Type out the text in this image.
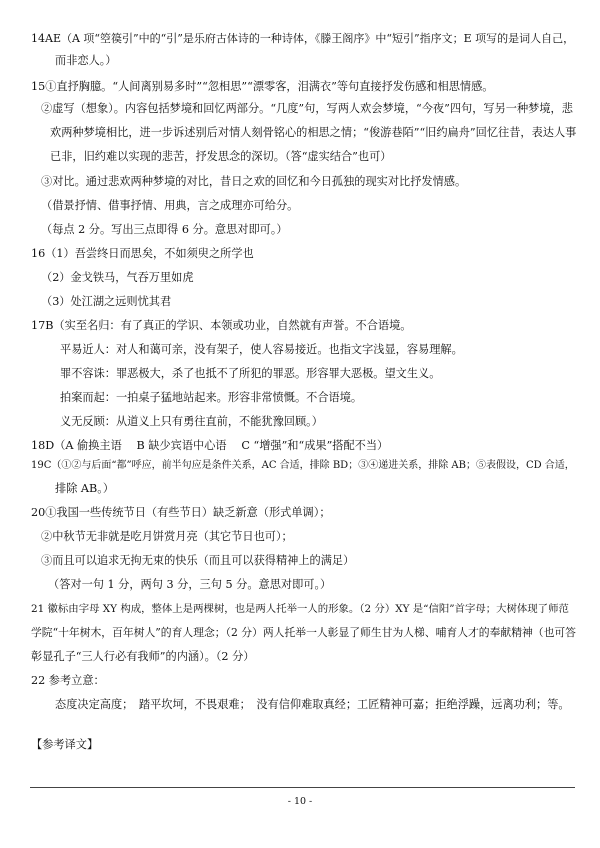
14AE（A 项“箜篌引”中的“引”是乐府古体诗的一种诗体，《滕王阁序》中“短引”指序文；E 项写的是词人自己，
而非恋人。）
15①直抒胸臆。“人间离别易多时”“忽相思”“漂零客，泪满衣”等句直接抒发伤感和相思情感。
②虚写（想象）。内容包括梦境和回忆两部分。“几度”句，写两人欢会梦境，“今夜”四句，写另一种梦境，悲
欢两种梦境相比，进一步诉述别后对情人刻骨铭心的相思之情；“俊游巷陌”“旧约扁舟”回忆往昔，表达人事
已非，旧约难以实现的悲苦，抒发思念的深切。（答“虚实结合”也可）
③对比。通过悲欢两种梦境的对比，昔日之欢的回忆和今日孤独的现实对比抒发情感。
（借景抒情、借事抒情、用典，言之成理亦可给分。
（每点 2 分。写出三点即得 6 分。意思对即可。）
16（1）吾尝终日而思矣，不如须臾之所学也
（2）金戈铁马，气吞万里如虎
（3）处江湖之远则忧其君
17B（实至名归：有了真正的学识、本领或功业，自然就有声誉。不合语境。
平易近人：对人和蔼可亲，没有架子，使人容易接近。也指文字浅显，容易理解。
罪不容诛：罪恶极大，杀了也抵不了所犯的罪恶。形容罪大恶极。望文生义。
拍案而起：一拍桌子猛地站起来。形容非常愤慨。不合语境。
义无反顾：从道义上只有勇往直前，不能犹豫回顾。）
18D（A 偷换主语　 B 缺少宾语中心语　 C “增强”和“成果”搭配不当）
19C（①②与后面“都”呼应，前半句应是条件关系，AC 合适，排除 BD；③④递进关系，排除 AB；⑤表假设，CD 合适，
排除 AB。）
20①我国一些传统节日（有些节日）缺乏新意（形式单调）；
②中秋节无非就是吃月饼赏月亮（其它节日也可）；
③而且可以追求无拘无束的快乐（而且可以获得精神上的满足）
（答对一句 1 分，两句 3 分，三句 5 分。意思对即可。）
21 徽标由字母 XY 构成，整体上是两棵树，也是两人托举一人的形象。（2 分）XY 是“信阳”首字母；大树体现了师范
学院“十年树木，百年树人”的育人理念；（2 分）两人托举一人彰显了师生甘为人梯、哺育人才的奉献精神（也可答
彰显孔子“三人行必有我师”的内涵）。（2 分）
22 参考立意：
态度决定高度；　踏平坎坷，不畏艰难；　没有信仰难取真经；工匠精神可嘉；拒绝浮躁，远离功利；等。
【参考译文】
- 10 -
